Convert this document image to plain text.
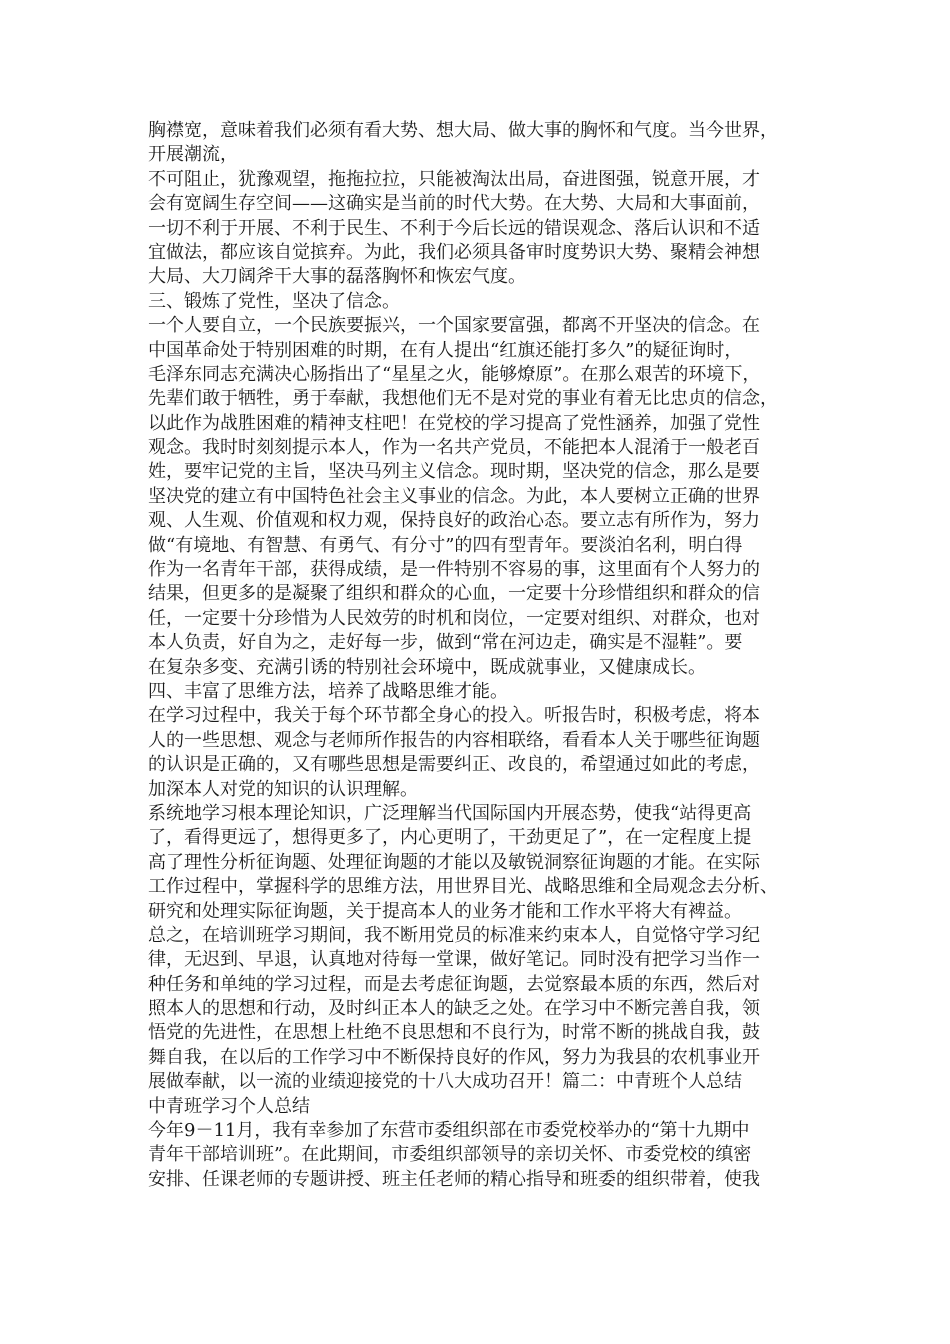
胸襟宽，意味着我们必须有看大势、想大局、做大事的胸怀和气度。当今世界，
开展潮流，
不可阻止，犹豫观望，拖拖拉拉，只能被淘汰出局，奋进图强，锐意开展，才
会有宽阔生存空间——这确实是当前的时代大势。在大势、大局和大事面前，
一切不利于开展、不利于民生、不利于今后长远的错误观念、落后认识和不适
宜做法，都应该自觉摈弃。为此，我们必须具备审时度势识大势、聚精会神想
大局、大刀阔斧干大事的磊落胸怀和恢宏气度。
三、锻炼了党性，坚决了信念。
一个人要自立，一个民族要振兴，一个国家要富强，都离不开坚决的信念。在
中国革命处于特别困难的时期，在有人提出“红旗还能打多久”的疑征询时，
毛泽东同志充满决心肠指出了“星星之火，能够燎原”。在那么艰苦的环境下，
先辈们敢于牺牲，勇于奉献，我想他们无不是对党的事业有着无比忠贞的信念，
以此作为战胜困难的精神支柱吧！在党校的学习提高了党性涵养，加强了党性
观念。我时时刻刻提示本人，作为一名共产党员，不能把本人混淆于一般老百
姓，要牢记党的主旨，坚决马列主义信念。现时期，坚决党的信念，那么是要
坚决党的建立有中国特色社会主义事业的信念。为此，本人要树立正确的世界
观、人生观、价值观和权力观，保持良好的政治心态。要立志有所作为，努力
做“有境地、有智慧、有勇气、有分寸”的四有型青年。要淡泊名利，明白得
作为一名青年干部，获得成绩，是一件特别不容易的事，这里面有个人努力的
结果，但更多的是凝聚了组织和群众的心血，一定要十分珍惜组织和群众的信
任，一定要十分珍惜为人民效劳的时机和岗位，一定要对组织、对群众，也对
本人负责，好自为之，走好每一步，做到“常在河边走，确实是不湿鞋”。要
在复杂多变、充满引诱的特别社会环境中，既成就事业，又健康成长。
四、丰富了思维方法，培养了战略思维才能。
在学习过程中，我关于每个环节都全身心的投入。听报告时，积极考虑，将本
人的一些思想、观念与老师所作报告的内容相联络，看看本人关于哪些征询题
的认识是正确的，又有哪些思想是需要纠正、改良的，希望通过如此的考虑，
加深本人对党的知识的认识理解。
系统地学习根本理论知识，广泛理解当代国际国内开展态势，使我“站得更高
了，看得更远了，想得更多了，内心更明了，干劲更足了”，在一定程度上提
高了理性分析征询题、处理征询题的才能以及敏锐洞察征询题的才能。在实际
工作过程中，掌握科学的思维方法，用世界目光、战略思维和全局观念去分析、
研究和处理实际征询题，关于提高本人的业务才能和工作水平将大有裨益。
总之，在培训班学习期间，我不断用党员的标准来约束本人，自觉恪守学习纪
律，无迟到、早退，认真地对待每一堂课，做好笔记。同时没有把学习当作一
种任务和单纯的学习过程，而是去考虑征询题，去觉察最本质的东西，然后对
照本人的思想和行动，及时纠正本人的缺乏之处。在学习中不断完善自我，领
悟党的先进性，在思想上杜绝不良思想和不良行为，时常不断的挑战自我，鼓
舞自我，在以后的工作学习中不断保持良好的作风，努力为我县的农机事业开
展做奉献，以一流的业绩迎接党的十八大成功召开！篇二：中青班个人总结
中青班学习个人总结
今年9－11月，我有幸参加了东营市委组织部在市委党校举办的“第十九期中
青年干部培训班”。在此期间，市委组织部领导的亲切关怀、市委党校的缜密
安排、任课老师的专题讲授、班主任老师的精心指导和班委的组织带着，使我
